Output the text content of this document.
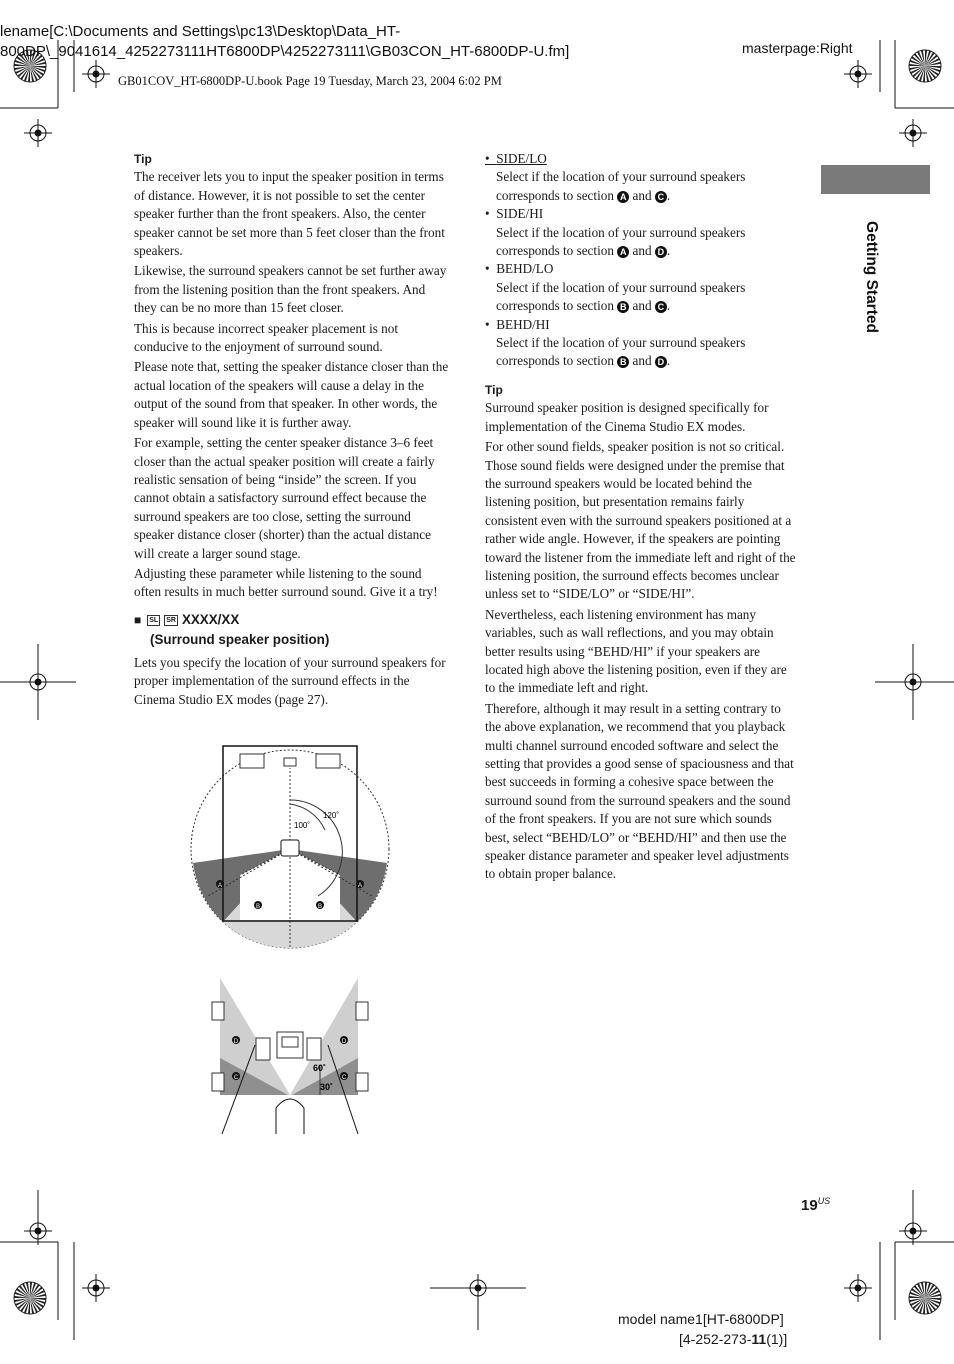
lename[C:\Documents and Settings\pc13\Desktop\Data_HT-
800DP\_9041614_4252273111HT6800DP\4252273111\GB03CON_HT-6800DP-U.fm]	masterpage:Right
GB01COV_HT-6800DP-U.book Page 19 Tuesday, March 23, 2004 6:02 PM
Getting Started
Tip

The receiver lets you to input the speaker position in terms of distance. However, it is not possible to set the center speaker further than the front speakers. Also, the center speaker cannot be set more than 5 feet closer than the front speakers.

Likewise, the surround speakers cannot be set further away from the listening position than the front speakers. And they can be no more than 15 feet closer.

This is because incorrect speaker placement is not conducive to the enjoyment of surround sound.

Please note that, setting the speaker distance closer than the actual location of the speakers will cause a delay in the output of the sound from that speaker. In other words, the speaker will sound like it is further away.

For example, setting the center speaker distance 3–6 feet closer than the actual speaker position will create a fairly realistic sensation of being “inside” the screen. If you cannot obtain a satisfactory surround effect because the surround speakers are too close, setting the surround speaker distance closer (shorter) than the actual distance will create a larger sound stage.

Adjusting these parameter while listening to the sound often results in much better surround sound. Give it a try!

■ SL SR XXXX/XX
(Surround speaker position)

Lets you specify the location of your surround speakers for proper implementation of the surround effects in the Cinema Studio EX modes (page 27).

100˚
120˚
A	A
B	B
D	D
C	C
60˚
30˚
•  SIDE/LO
Select if the location of your surround speakers corresponds to section A and C .
•  SIDE/HI
Select if the location of your surround speakers corresponds to section A and D .
•  BEHD/LO
Select if the location of your surround speakers corresponds to section B and C .
•  BEHD/HI
Select if the location of your surround speakers corresponds to section B and D .
Tip

Surround speaker position is designed specifically for implementation of the Cinema Studio EX modes.

For other sound fields, speaker position is not so critical. Those sound fields were designed under the premise that the surround speakers would be located behind the listening position, but presentation remains fairly consistent even with the surround speakers positioned at a rather wide angle. However, if the speakers are pointing toward the listener from the immediate left and right of the listening position, the surround effects becomes unclear unless set to “SIDE/LO” or “SIDE/HI”.

Nevertheless, each listening environment has many variables, such as wall reflections, and you may obtain better results using “BEHD/HI” if your speakers are located high above the listening position, even if they are to the immediate left and right.

Therefore, although it may result in a setting contrary to the above explanation, we recommend that you playback multi channel surround encoded software and select the setting that provides a good sense of spaciousness and that best succeeds in forming a cohesive space between the surround sound from the surround speakers and the sound of the front speakers. If you are not sure which sounds best, select “BEHD/LO” or “BEHD/HI” and then use the speaker distance parameter and speaker level adjustments to obtain proper balance.

$19^{US}$
model name1[HT-6800DP]
[4-252-273-11(1)]
